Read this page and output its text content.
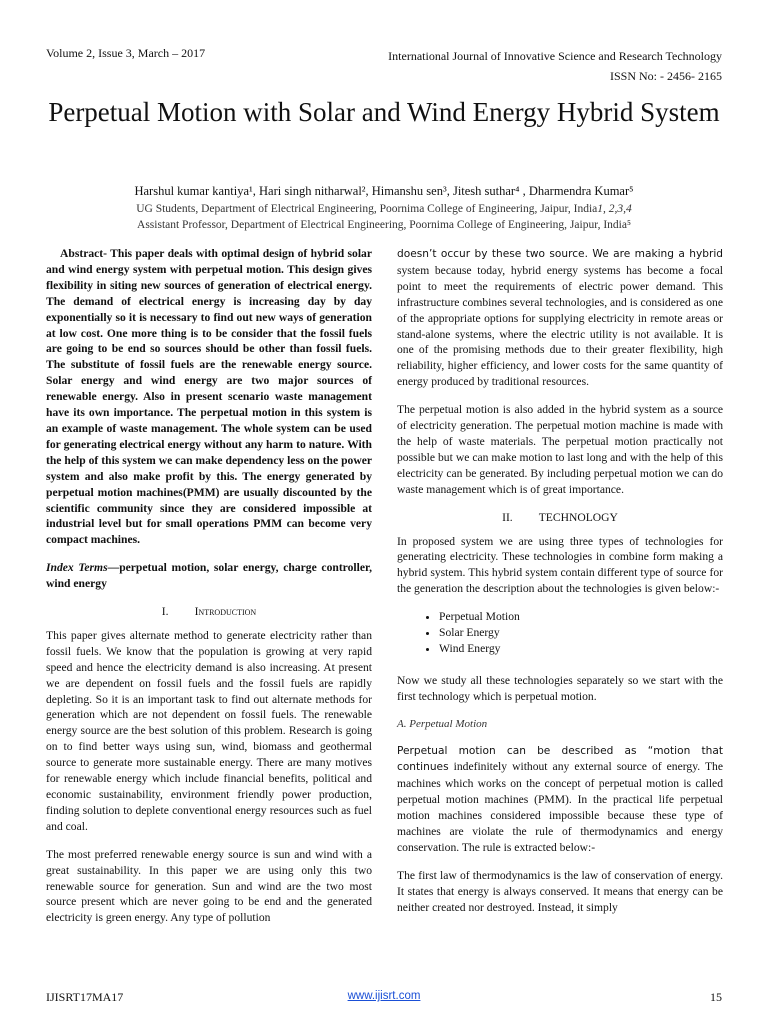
Volume 2, Issue 3, March – 2017	International Journal of Innovative Science and Research Technology
ISSN No: - 2456- 2165
Perpetual Motion with Solar and Wind Energy Hybrid System
Harshul kumar kantiya¹, Hari singh nitharwal², Himanshu sen³, Jitesh suthar⁴ , Dharmendra Kumar⁵
UG Students, Department of Electrical Engineering, Poornima College of Engineering, Jaipur, India1, 2,3,4
Assistant Professor, Department of Electrical Engineering, Poornima College of Engineering, Jaipur, India⁵

Abstract- This paper deals with optimal design of hybrid solar and wind energy system with perpetual motion. This design gives flexibility in siting new sources of generation of electrical energy. The demand of electrical energy is increasing day by day exponentially so it is necessary to find out new ways of generation at low cost. One more thing is to be consider that the fossil fuels are going to be end so sources should be other than fossil fuels. The substitute of fossil fuels are the renewable energy source. Solar energy and wind energy are two major sources of renewable energy. Also in present scenario waste management have its own importance. The perpetual motion in this system is an example of waste management. The whole system can be used for generating electrical energy without any harm to nature. With the help of this system we can make dependency less on the power system and also make profit by this. The energy generated by perpetual motion machines(PMM) are usually discounted by the scientific community since they are considered impossible at industrial level but for small operations PMM can become very compact machines.

Index Terms—perpetual motion, solar energy, charge controller, wind energy

I. Introduction

This paper gives alternate method to generate electricity rather than fossil fuels. We know that the population is growing at very rapid speed and hence the electricity demand is also increasing. At present we are dependent on fossil fuels and the fossil fuels are rapidly depleting. So it is an important task to find out alternate methods for generation which are not dependent on fossil fuels. The renewable energy source are the best solution of this problem. Research is going on to find better ways using sun, wind, biomass and geothermal source to generate more sustainable energy. There are many motives for renewable energy which include financial benefits, political and economic sustainability, environment friendly power production, finding solution to deplete conventional energy resources such as fuel and coal.

The most preferred renewable energy source is sun and wind with a great sustainability. In this paper we are using only this two renewable source for generation. Sun and wind are the two most source present which are never going to be end and the generated electricity is green energy. Any type of pollution

doesn’t occur by these two source. We are making a hybrid system because today, hybrid energy systems has become a focal point to meet the requirements of electric power demand. This infrastructure combines several technologies, and is considered as one of the appropriate options for supplying electricity in remote areas or stand-alone systems, where the electric utility is not available. It is one of the promising methods due to their greater flexibility, high reliability, higher efficiency, and lower costs for the same quantity of energy produced by traditional resources.

The perpetual motion is also added in the hybrid system as a source of electricity generation. The perpetual motion machine is made with the help of waste materials. The perpetual motion practically not possible but we can make motion to last long and with the help of this electricity can be generated. By including perpetual motion we can do waste management which is of great importance.

II. TECHNOLOGY

In proposed system we are using three types of technologies for generating electricity. These technologies in combine form making a hybrid system. This hybrid system contain different type of source for the generation the description about the technologies is given below:-

• Perpetual Motion
• Solar Energy
• Wind Energy

Now we study all these technologies separately so we start with the first technology which is perpetual motion.

A. Perpetual Motion

Perpetual motion can be described as “motion that continues indefinitely without any external source of energy. The machines which works on the concept of perpetual motion is called perpetual motion machines (PMM). In the practical life perpetual motion machines considered impossible because these type of machines are violate the rule of thermodynamics and energy conservation. The rule is extracted below:-

The first law of thermodynamics is the law of conservation of energy. It states that energy is always conserved. It means that energy can be neither created nor destroyed. Instead, it simply

IJISRT17MA17	www.ijisrt.com	15
